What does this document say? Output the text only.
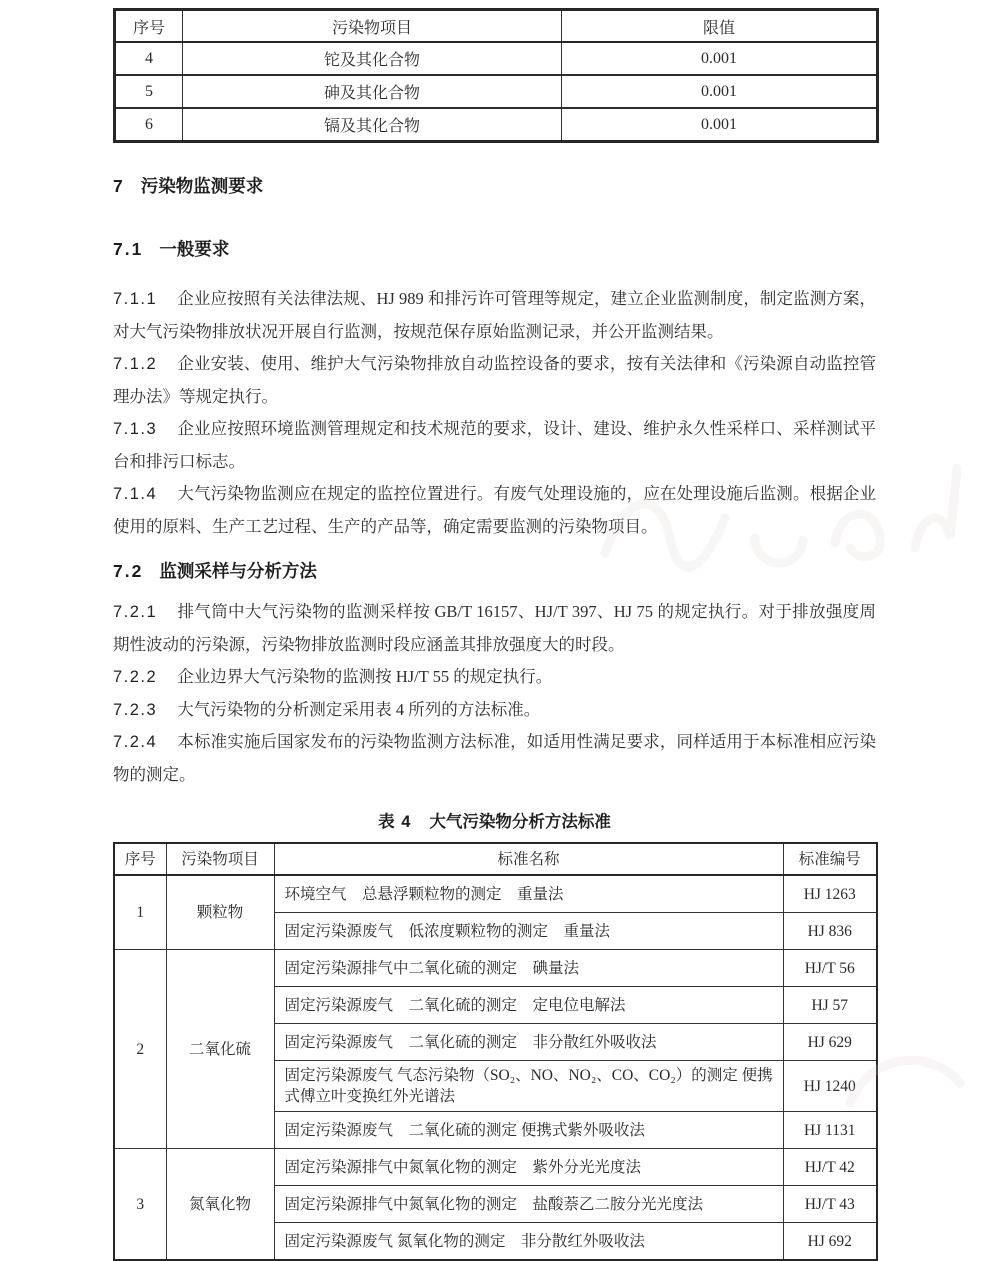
序号	污染物项目	限值
4	铊及其化合物	0.001
5	砷及其化合物	0.001
6	镉及其化合物	0.001
7 污染物监测要求
7.1 一般要求

7.1.1 企业应按照有关法律法规、HJ 989 和排污许可管理等规定，建立企业监测制度，制定监测方案，对大气污染物排放状况开展自行监测，按规范保存原始监测记录，并公开监测结果。

7.1.2 企业安装、使用、维护大气污染物排放自动监控设备的要求，按有关法律和《污染源自动监控管理办法》等规定执行。

7.1.3 企业应按照环境监测管理规定和技术规范的要求，设计、建设、维护永久性采样口、采样测试平台和排污口标志。

7.1.4 大气污染物监测应在规定的监控位置进行。有废气处理设施的，应在处理设施后监测。根据企业使用的原料、生产工艺过程、生产的产品等，确定需要监测的污染物项目。

7.2 监测采样与分析方法

7.2.1 排气筒中大气污染物的监测采样按 GB/T 16157、HJ/T 397、HJ 75 的规定执行。对于排放强度周期性波动的污染源，污染物排放监测时段应涵盖其排放强度大的时段。

7.2.2 企业边界大气污染物的监测按 HJ/T 55 的规定执行。

7.2.3 大气污染物的分析测定采用表 4 所列的方法标准。

7.2.4 本标准实施后国家发布的污染物监测方法标准，如适用性满足要求，同样适用于本标准相应污染物的测定。

表 4 大气污染物分析方法标准
序号	污染物项目	标准名称	标准编号
1	颗粒物	环境空气　总悬浮颗粒物的测定　重量法	HJ 1263
		固定污染源废气　低浓度颗粒物的测定　重量法	HJ 836
2	二氧化硫	固定污染源排气中二氧化硫的测定　碘量法	HJ/T 56
		固定污染源废气　二氧化硫的测定　定电位电解法	HJ 57
		固定污染源废气　二氧化硫的测定　非分散红外吸收法	HJ 629
		固定污染源废气 气态污染物（SO₂、NO、NO₂、CO、CO₂）的测定 便携式傅立叶变换红外光谱法	HJ 1240
		固定污染源废气　二氧化硫的测定 便携式紫外吸收法	HJ 1131
3	氮氧化物	固定污染源排气中氮氧化物的测定　紫外分光光度法	HJ/T 42
		固定污染源排气中氮氧化物的测定　盐酸萘乙二胺分光光度法	HJ/T 43
		固定污染源废气 氮氧化物的测定　非分散红外吸收法	HJ 692
